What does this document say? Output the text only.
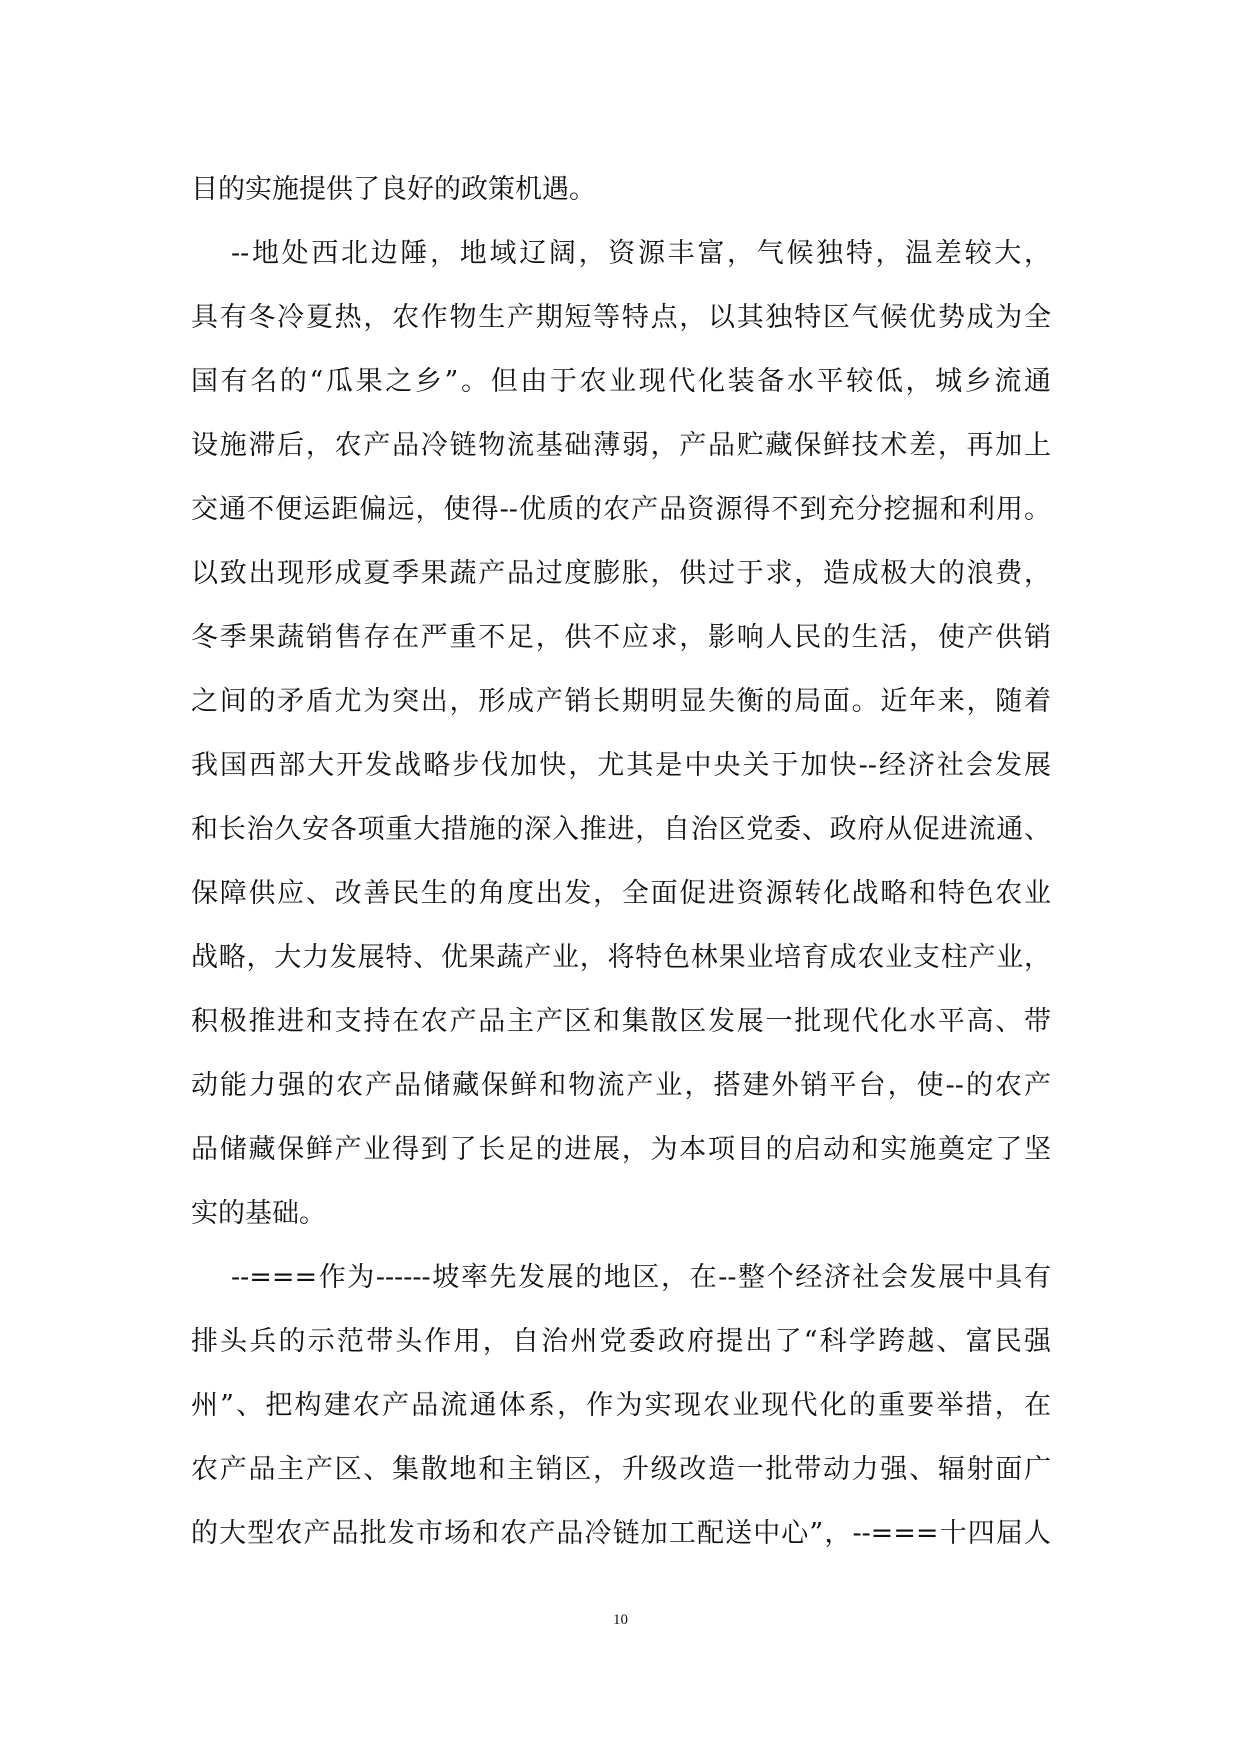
目的实施提供了良好的政策机遇。
--地处西北边陲，地域辽阔，资源丰富，气候独特，温差较大，
具有冬冷夏热，农作物生产期短等特点，以其独特区气候优势成为全
国有名的“瓜果之乡”。但由于农业现代化装备水平较低，城乡流通
设施滞后，农产品冷链物流基础薄弱，产品贮藏保鲜技术差，再加上
交通不便运距偏远，使得--优质的农产品资源得不到充分挖掘和利用。
以致出现形成夏季果蔬产品过度膨胀，供过于求，造成极大的浪费，
冬季果蔬销售存在严重不足，供不应求，影响人民的生活，使产供销
之间的矛盾尤为突出，形成产销长期明显失衡的局面。近年来，随着
我国西部大开发战略步伐加快，尤其是中央关于加快--经济社会发展
和长治久安各项重大措施的深入推进，自治区党委、政府从促进流通、
保障供应、改善民生的角度出发，全面促进资源转化战略和特色农业
战略，大力发展特、优果蔬产业，将特色林果业培育成农业支柱产业，
积极推进和支持在农产品主产区和集散区发展一批现代化水平高、带
动能力强的农产品储藏保鲜和物流产业，搭建外销平台，使--的农产
品储藏保鲜产业得到了长足的进展，为本项目的启动和实施奠定了坚
实的基础。
--===作为------坡率先发展的地区，在--整个经济社会发展中具有
排头兵的示范带头作用，自治州党委政府提出了“科学跨越、富民强
州”、把构建农产品流通体系，作为实现农业现代化的重要举措，在
农产品主产区、集散地和主销区，升级改造一批带动力强、辐射面广
的大型农产品批发市场和农产品冷链加工配送中心”，--===十四届人
10
